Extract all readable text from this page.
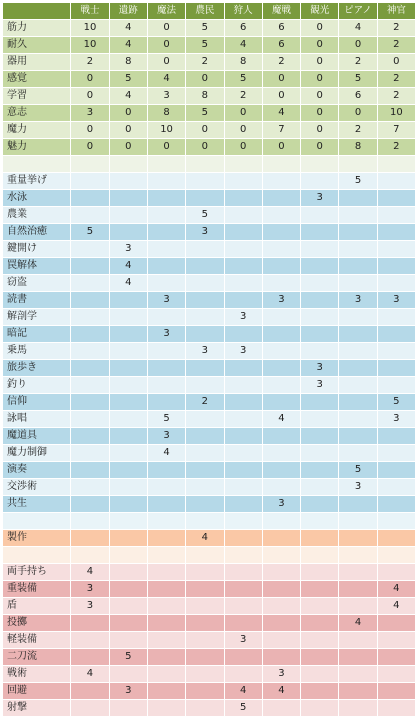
	戦士	遺跡	魔法	農民	狩人	魔戦	観光	ピアノ	神官
筋力	10	4	0	5	6	6	0	4	2
耐久	10	4	0	5	4	6	0	0	2
器用	2	8	0	2	8	2	0	2	0
感覚	0	5	4	0	5	0	0	5	2
学習	0	4	3	8	2	0	0	6	2
意志	3	0	8	5	0	4	0	0	10
魔力	0	0	10	0	0	7	0	2	7
魅力	0	0	0	0	0	0	0	8	2

重量挙げ								5	
水泳							3		
農業				5					
自然治癒	5			3					
鍵開け		3							
罠解体		4							
窃盗		4							
読書			3			3		3	3
解剖学					3				
暗記			3						
乗馬				3	3				
旅歩き							3		
釣り							3		
信仰				2					5
詠唱			5			4			3
魔道具			3						
魔力制御			4						
演奏								5	
交渉術								3	
共生						3			

製作				4					

両手持ち	4								
重装備	3								4
盾	3								4
投擲								4	
軽装備					3				
二刀流		5							
戦術	4					3			
回避		3			4	4			
射撃					5				
